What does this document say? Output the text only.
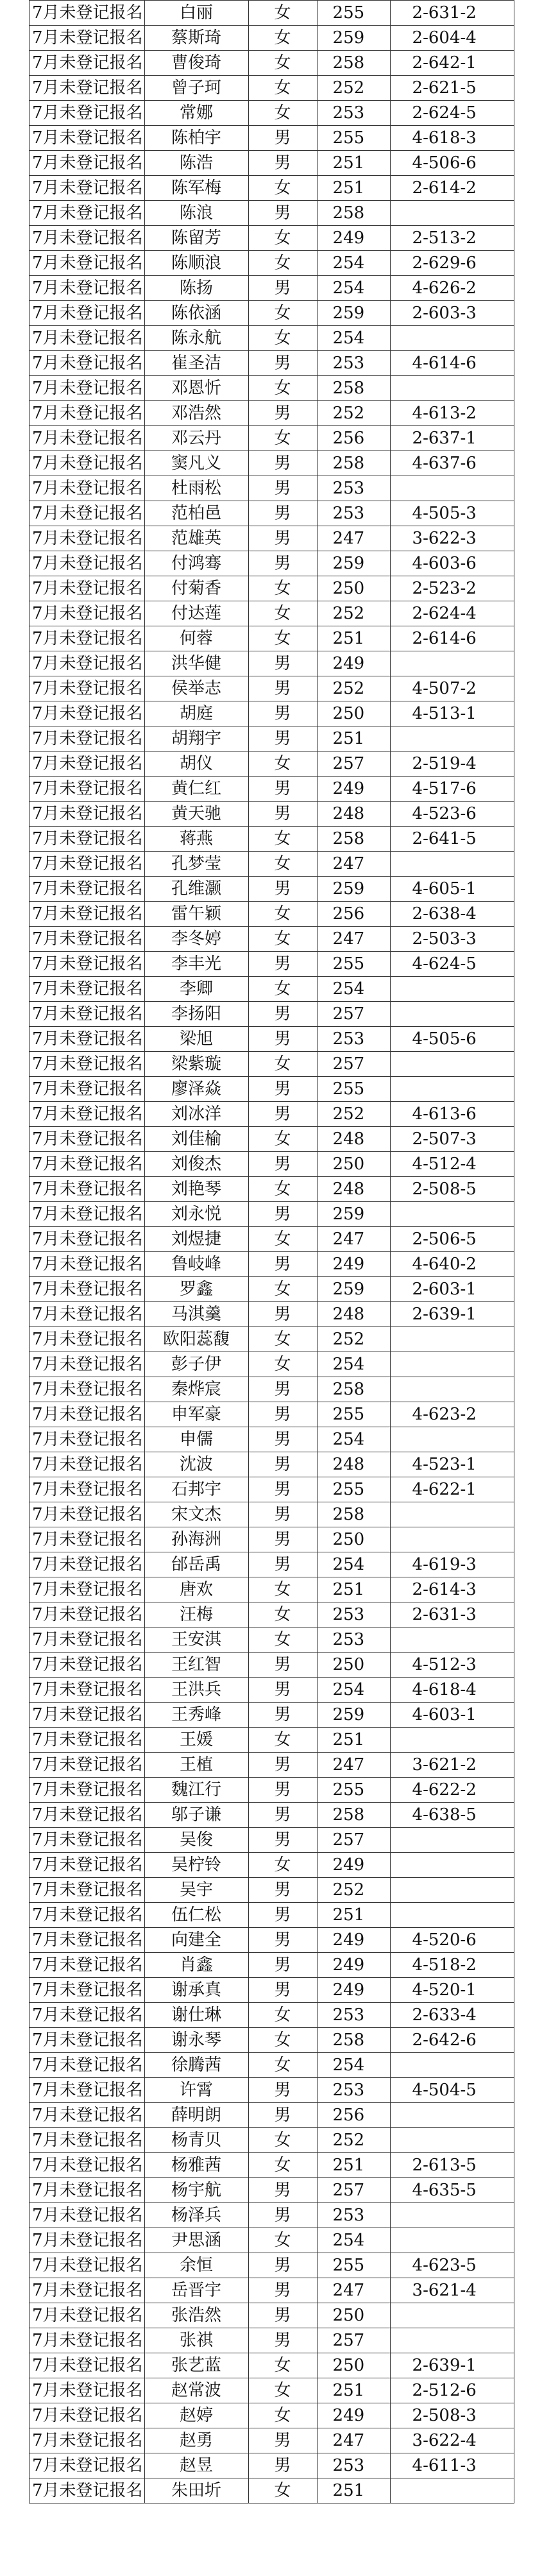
7月未登记报名	白丽	女	255	2-631-2
7月未登记报名	蔡斯琦	女	259	2-604-4
7月未登记报名	曹俊琦	女	258	2-642-1
7月未登记报名	曾子珂	女	252	2-621-5
7月未登记报名	常娜	女	253	2-624-5
7月未登记报名	陈柏宇	男	255	4-618-3
7月未登记报名	陈浩	男	251	4-506-6
7月未登记报名	陈军梅	女	251	2-614-2
7月未登记报名	陈浪	男	258	
7月未登记报名	陈留芳	女	249	2-513-2
7月未登记报名	陈顺浪	女	254	2-629-6
7月未登记报名	陈扬	男	254	4-626-2
7月未登记报名	陈依涵	女	259	2-603-3
7月未登记报名	陈永航	女	254	
7月未登记报名	崔圣洁	男	253	4-614-6
7月未登记报名	邓恩忻	女	258	
7月未登记报名	邓浩然	男	252	4-613-2
7月未登记报名	邓云丹	女	256	2-637-1
7月未登记报名	窦凡义	男	258	4-637-6
7月未登记报名	杜雨松	男	253	
7月未登记报名	范柏邑	男	253	4-505-3
7月未登记报名	范雄英	男	247	3-622-3
7月未登记报名	付鸿骞	男	259	4-603-6
7月未登记报名	付菊香	女	250	2-523-2
7月未登记报名	付达莲	女	252	2-624-4
7月未登记报名	何蓉	女	251	2-614-6
7月未登记报名	洪华健	男	249	
7月未登记报名	侯举志	男	252	4-507-2
7月未登记报名	胡庭	男	250	4-513-1
7月未登记报名	胡翔宇	男	251	
7月未登记报名	胡仪	女	257	2-519-4
7月未登记报名	黄仁红	男	249	4-517-6
7月未登记报名	黄天驰	男	248	4-523-6
7月未登记报名	蒋燕	女	258	2-641-5
7月未登记报名	孔梦莹	女	247	
7月未登记报名	孔维灏	男	259	4-605-1
7月未登记报名	雷午颖	女	256	2-638-4
7月未登记报名	李冬婷	女	247	2-503-3
7月未登记报名	李丰光	男	255	4-624-5
7月未登记报名	李卿	女	254	
7月未登记报名	李扬阳	男	257	
7月未登记报名	梁旭	男	253	4-505-6
7月未登记报名	梁紫璇	女	257	
7月未登记报名	廖泽焱	男	255	
7月未登记报名	刘冰洋	男	252	4-613-6
7月未登记报名	刘佳榆	女	248	2-507-3
7月未登记报名	刘俊杰	男	250	4-512-4
7月未登记报名	刘艳琴	女	248	2-508-5
7月未登记报名	刘永悦	男	259	
7月未登记报名	刘煜捷	女	247	2-506-5
7月未登记报名	鲁岐峰	男	249	4-640-2
7月未登记报名	罗鑫	女	259	2-603-1
7月未登记报名	马淇羹	男	248	2-639-1
7月未登记报名	欧阳蕊馥	女	252	
7月未登记报名	彭子伊	女	254	
7月未登记报名	秦烨宸	男	258	
7月未登记报名	申军豪	男	255	4-623-2
7月未登记报名	申儒	男	254	
7月未登记报名	沈波	男	248	4-523-1
7月未登记报名	石邦宇	男	255	4-622-1
7月未登记报名	宋文杰	男	258	
7月未登记报名	孙海洲	男	250	
7月未登记报名	邰岳禹	男	254	4-619-3
7月未登记报名	唐欢	女	251	2-614-3
7月未登记报名	汪梅	女	253	2-631-3
7月未登记报名	王安淇	女	253	
7月未登记报名	王红智	男	250	4-512-3
7月未登记报名	王洪兵	男	254	4-618-4
7月未登记报名	王秀峰	男	259	4-603-1
7月未登记报名	王媛	女	251	
7月未登记报名	王植	男	247	3-621-2
7月未登记报名	魏江行	男	255	4-622-2
7月未登记报名	邬子谦	男	258	4-638-5
7月未登记报名	吴俊	男	257	
7月未登记报名	吴柠铃	女	249	
7月未登记报名	吴宇	男	252	
7月未登记报名	伍仁松	男	251	
7月未登记报名	向建全	男	249	4-520-6
7月未登记报名	肖鑫	男	249	4-518-2
7月未登记报名	谢承真	男	249	4-520-1
7月未登记报名	谢仕琳	女	253	2-633-4
7月未登记报名	谢永琴	女	258	2-642-6
7月未登记报名	徐腾茜	女	254	
7月未登记报名	许霄	男	253	4-504-5
7月未登记报名	薛明朗	男	256	
7月未登记报名	杨青贝	女	252	
7月未登记报名	杨雅茜	女	251	2-613-5
7月未登记报名	杨宇航	男	257	4-635-5
7月未登记报名	杨泽兵	男	253	
7月未登记报名	尹思涵	女	254	
7月未登记报名	余恒	男	255	4-623-5
7月未登记报名	岳晋宇	男	247	3-621-4
7月未登记报名	张浩然	男	250	
7月未登记报名	张祺	男	257	
7月未登记报名	张艺蓝	女	250	2-639-1
7月未登记报名	赵常波	女	251	2-512-6
7月未登记报名	赵婷	女	249	2-508-3
7月未登记报名	赵勇	男	247	3-622-4
7月未登记报名	赵昱	男	253	4-611-3
7月未登记报名	朱田圻	女	251	
